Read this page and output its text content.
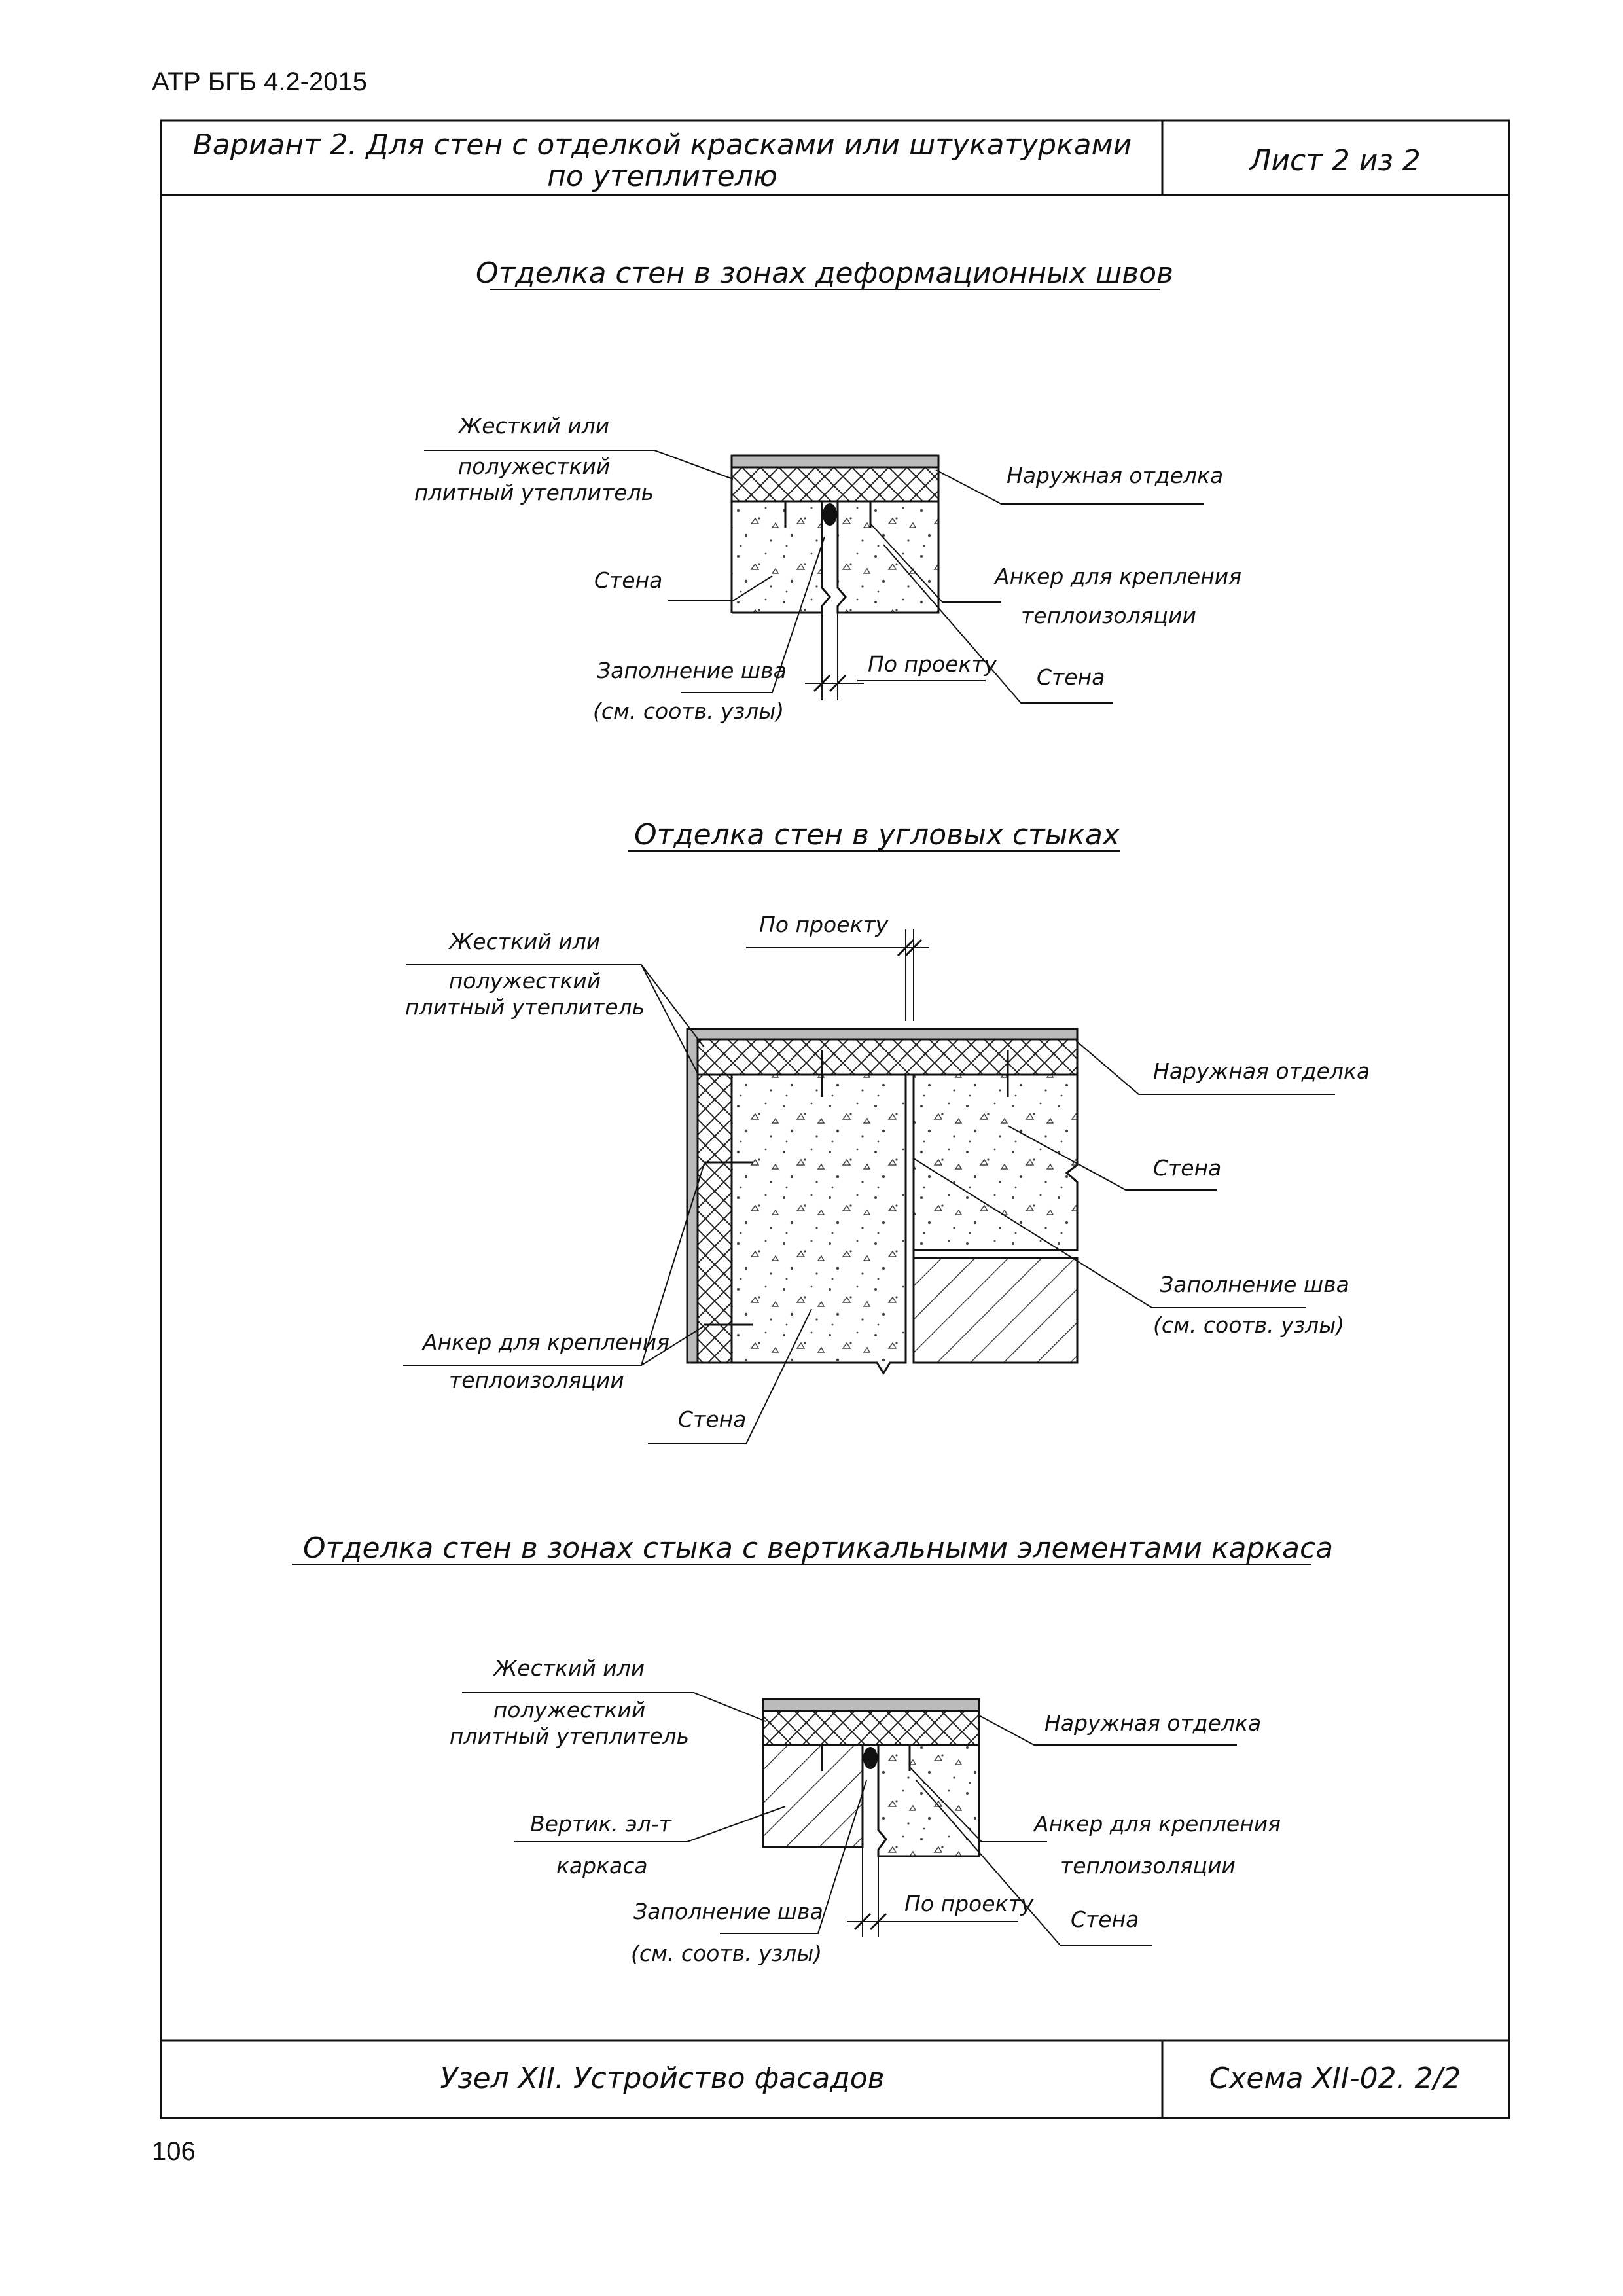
АТР БГБ 4.2-2015
Вариант 2. Для стен с отделкой красками или штукатурками
по утеплителю	Лист 2 из 2
Узел XII. Устройство фасадов	Схема XII-02. 2/2
106
Отделка стен в зонах деформационных швов
Жесткий или
полужесткий
плитный утеплитель
Наружная отделка
Стена	Анкер для крепления
теплоизоляции
Заполнение шва
(см. соотв. узлы)
По проекту
Стена
Отделка стен в угловых стыках
Жесткий или
полужесткий
плитный утеплитель
По проекту
Наружная отделка
Стена
Заполнение шва
(см. соотв. узлы)
Анкер для крепления
теплоизоляции
Стена
Отделка стен в зонах стыка с вертикальными элементами каркаса
Жесткий или
полужесткий
плитный утеплитель
Наружная отделка
Вертик. эл-т
каркаса
Анкер для крепления
теплоизоляции
Заполнение шва
(см. соотв. узлы)
По проекту
Стена
